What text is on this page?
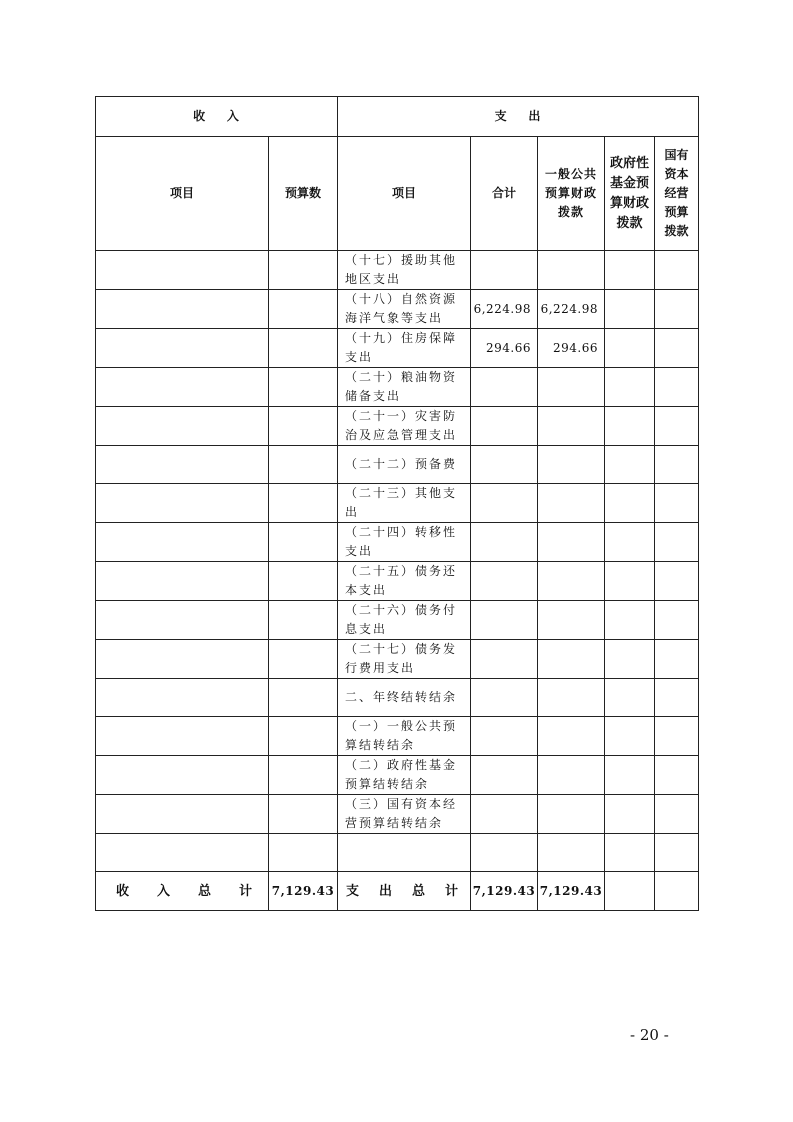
收    入		支    出				
项目	预算数	项目	合计	一般公共预算财政拨款	政府性基金预算财政拨款	国有资本经营预算拨款
		（十七）援助其他地区支出				
		（十八）自然资源海洋气象等支出	6,224.98	6,224.98		
		（十九）住房保障支出	294.66	294.66		
		（二十）粮油物资储备支出				
		（二十一）灾害防治及应急管理支出				
		（二十二）预备费				
		（二十三）其他支出				
		（二十四）转移性支出				
		（二十五）债务还本支出				
		（二十六）债务付息支出				
		（二十七）债务发行费用支出				
		二、年终结转结余				
		（一）一般公共预算结转结余				
		（二）政府性基金预算结转结余				
		（三）国有资本经营预算结转结余				

收 入 总 计	7,129.43	支 出 总 计	7,129.43	7,129.43		
- 20 -
